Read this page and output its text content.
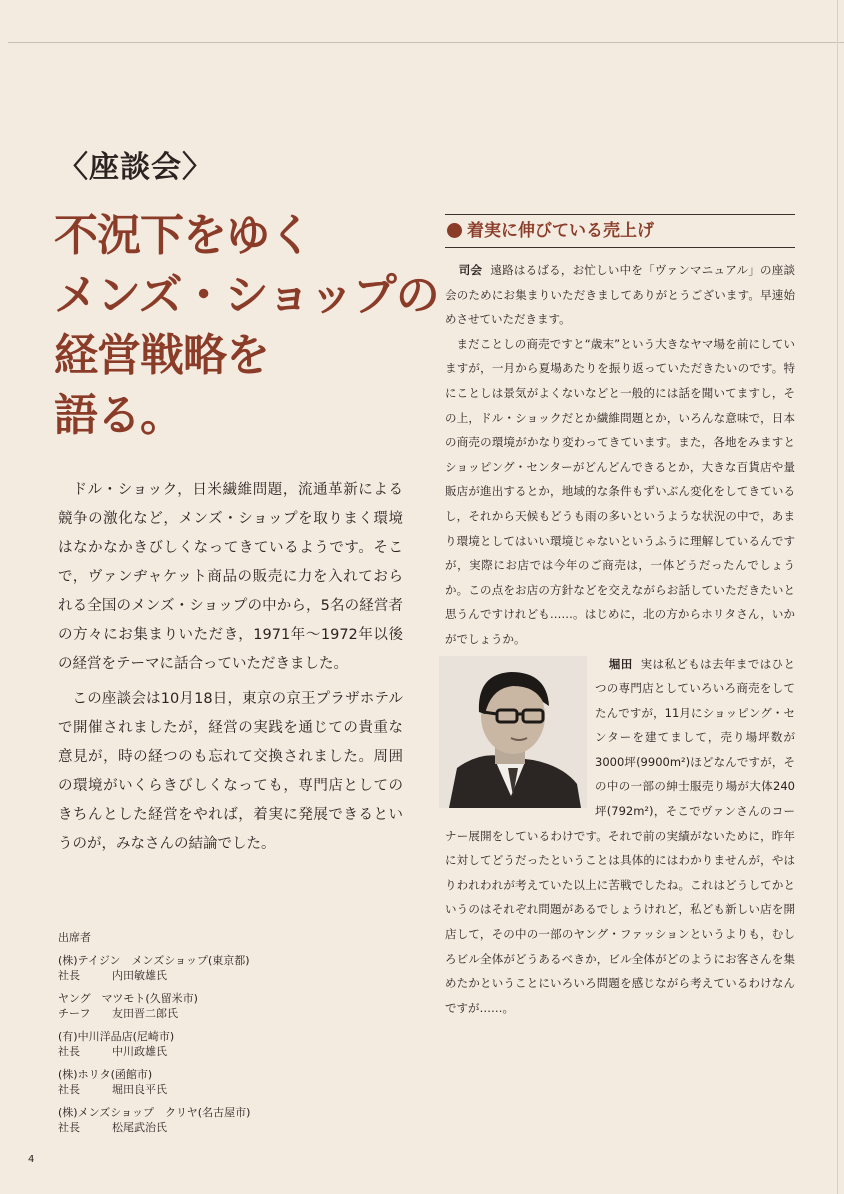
〈座談会〉
不況下をゆく
メンズ・ショップの
経営戦略を
語る。

ドル・ショック，日米繊維問題，流通革新による競争の激化など，メンズ・ショップを取りまく環境はなかなかきびしくなってきているようです。そこで，ヴァンヂャケット商品の販売に力を入れておられる全国のメンズ・ショップの中から，5名の経営者の方々にお集まりいただき，1971年〜1972年以後の経営をテーマに話合っていただきました。

この座談会は10月18日，東京の京王プラザホテルで開催されましたが，経営の実践を通じての貴重な意見が，時の経つのも忘れて交換されました。周囲の環境がいくらきびしくなっても，専門店としてのきちんとした経営をやれば，着実に発展できるというのが，みなさんの結論でした。

出席者
(株)テイジン　メンズショップ(東京都)
社長	内田敏雄氏
ヤング　マツモト(久留米市)
チーフ 友田晋二郎氏
(有)中川洋品店(尼崎市)
社長	中川政雄氏
(株)ホリタ(函館市)
社長	堀田良平氏
(株)メンズショップ　クリヤ(名古屋市)
社長	松尾武治氏
4
着実に伸びている売上げ

司会 遠路はるばる，お忙しい中を「ヴァンマニュアル」の座談会のためにお集まりいただきましてありがとうございます。早速始めさせていただきます。

まだことしの商売ですと“歳末”という大きなヤマ場を前にしていますが，一月から夏場あたりを振り返っていただきたいのです。特にことしは景気がよくないなどと一般的には話を聞いてますし，その上，ドル・ショックだとか繊維問題とか，いろんな意味で，日本の商売の環境がかなり変わってきています。また，各地をみますとショッピング・センターがどんどんできるとか，大きな百貨店や量販店が進出するとか，地域的な条件もずいぶん変化をしてきているし，それから天候もどうも雨の多いというような状況の中で，あまり環境としてはいい環境じゃないというふうに理解しているんですが，実際にお店では今年のご商売は，一体どうだったんでしょうか。この点をお店の方針などを交えながらお話していただきたいと思うんですけれども……。はじめに，北の方からホリタさん，いかがでしょうか。

堀田 実は私どもは去年まではひとつの専門店としていろいろ商売をしてたんですが，11月にショッピング・センターを建てまして，売り場坪数が3000坪(9900m²)ほどなんですが，その中の一部の紳士服売り場が大体240坪(792m²)，そこでヴァンさんのコーナー展開をしているわけです。それで前の実績がないために，昨年に対してどうだったということは具体的にはわかりませんが，やはりわれわれが考えていた以上に苦戦でしたね。これはどうしてかというのはそれぞれ問題があるでしょうけれど，私ども新しい店を開店して，その中の一部のヤング・ファッションというよりも，むしろビル全体がどうあるべきか，ビル全体がどのようにお客さんを集めたかということにいろいろ問題を感じながら考えているわけなんですが……。
